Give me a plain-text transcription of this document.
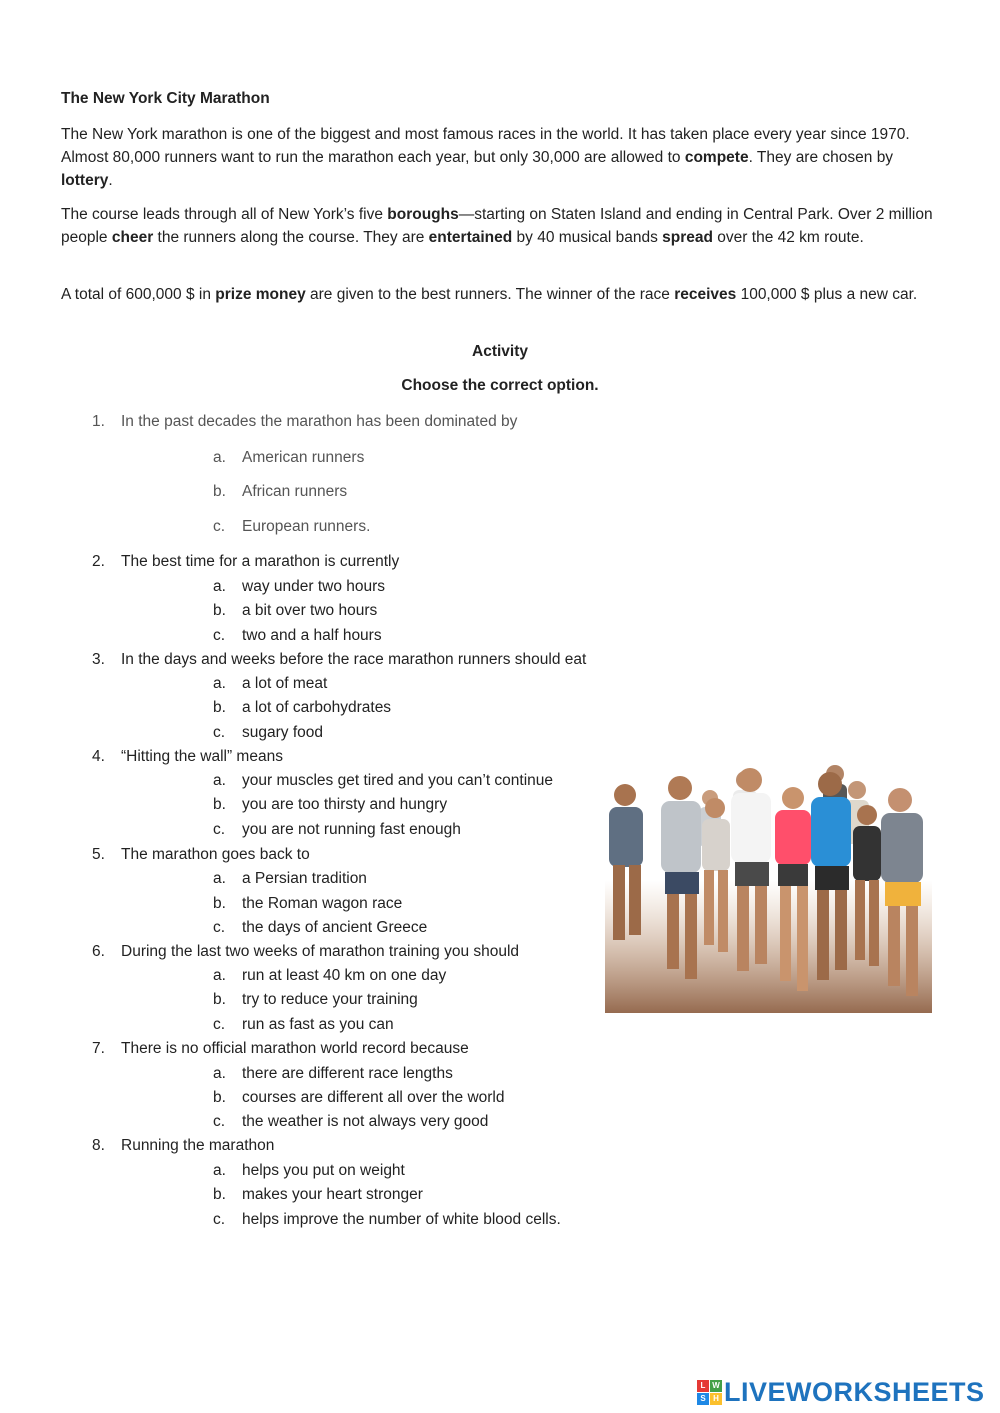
The New York City Marathon
The New York marathon is one of the biggest and most famous races in the world. It has taken place every year since 1970. Almost 80,000 runners want to run the marathon each year, but only 30,000 are allowed to compete. They are chosen by lottery.
The course leads through all of New York’s five boroughs—starting on Staten Island and ending in Central Park. Over 2 million people cheer the runners along the course. They are entertained by 40 musical bands spread over the 42 km route.
A total of 600,000 $ in prize money are given to the best runners. The winner of the race receives 100,000 $ plus a new car.
Activity
Choose the correct option.
1. In the past decades the marathon has been dominated by
a. American runners
b. African runners
c. European runners.
2. The best time for a marathon is currently
a. way under two hours
b. a bit over two hours
c. two and a half hours
3. In the days and weeks before the race marathon runners should eat
a. a lot of meat
b. a lot of carbohydrates
c. sugary food
4. “Hitting the wall” means
a. your muscles get tired and you can’t continue
b. you are too thirsty and hungry
c. you are not running fast enough
5. The marathon goes back to
a. a Persian tradition
b. the Roman wagon race
c. the days of ancient Greece
6. During the last two weeks of marathon training you should
a. run at least 40 km on one day
b. try to reduce your training
c. run as fast as you can
7. There is no official marathon world record because
a. there are different race lengths
b. courses are different all over the world
c. the weather is not always very good
8. Running the marathon
a. helps you put on weight
b. makes your heart stronger
c. helps improve the number of white blood cells.
L W
S H LIVEWORKSHEETS
